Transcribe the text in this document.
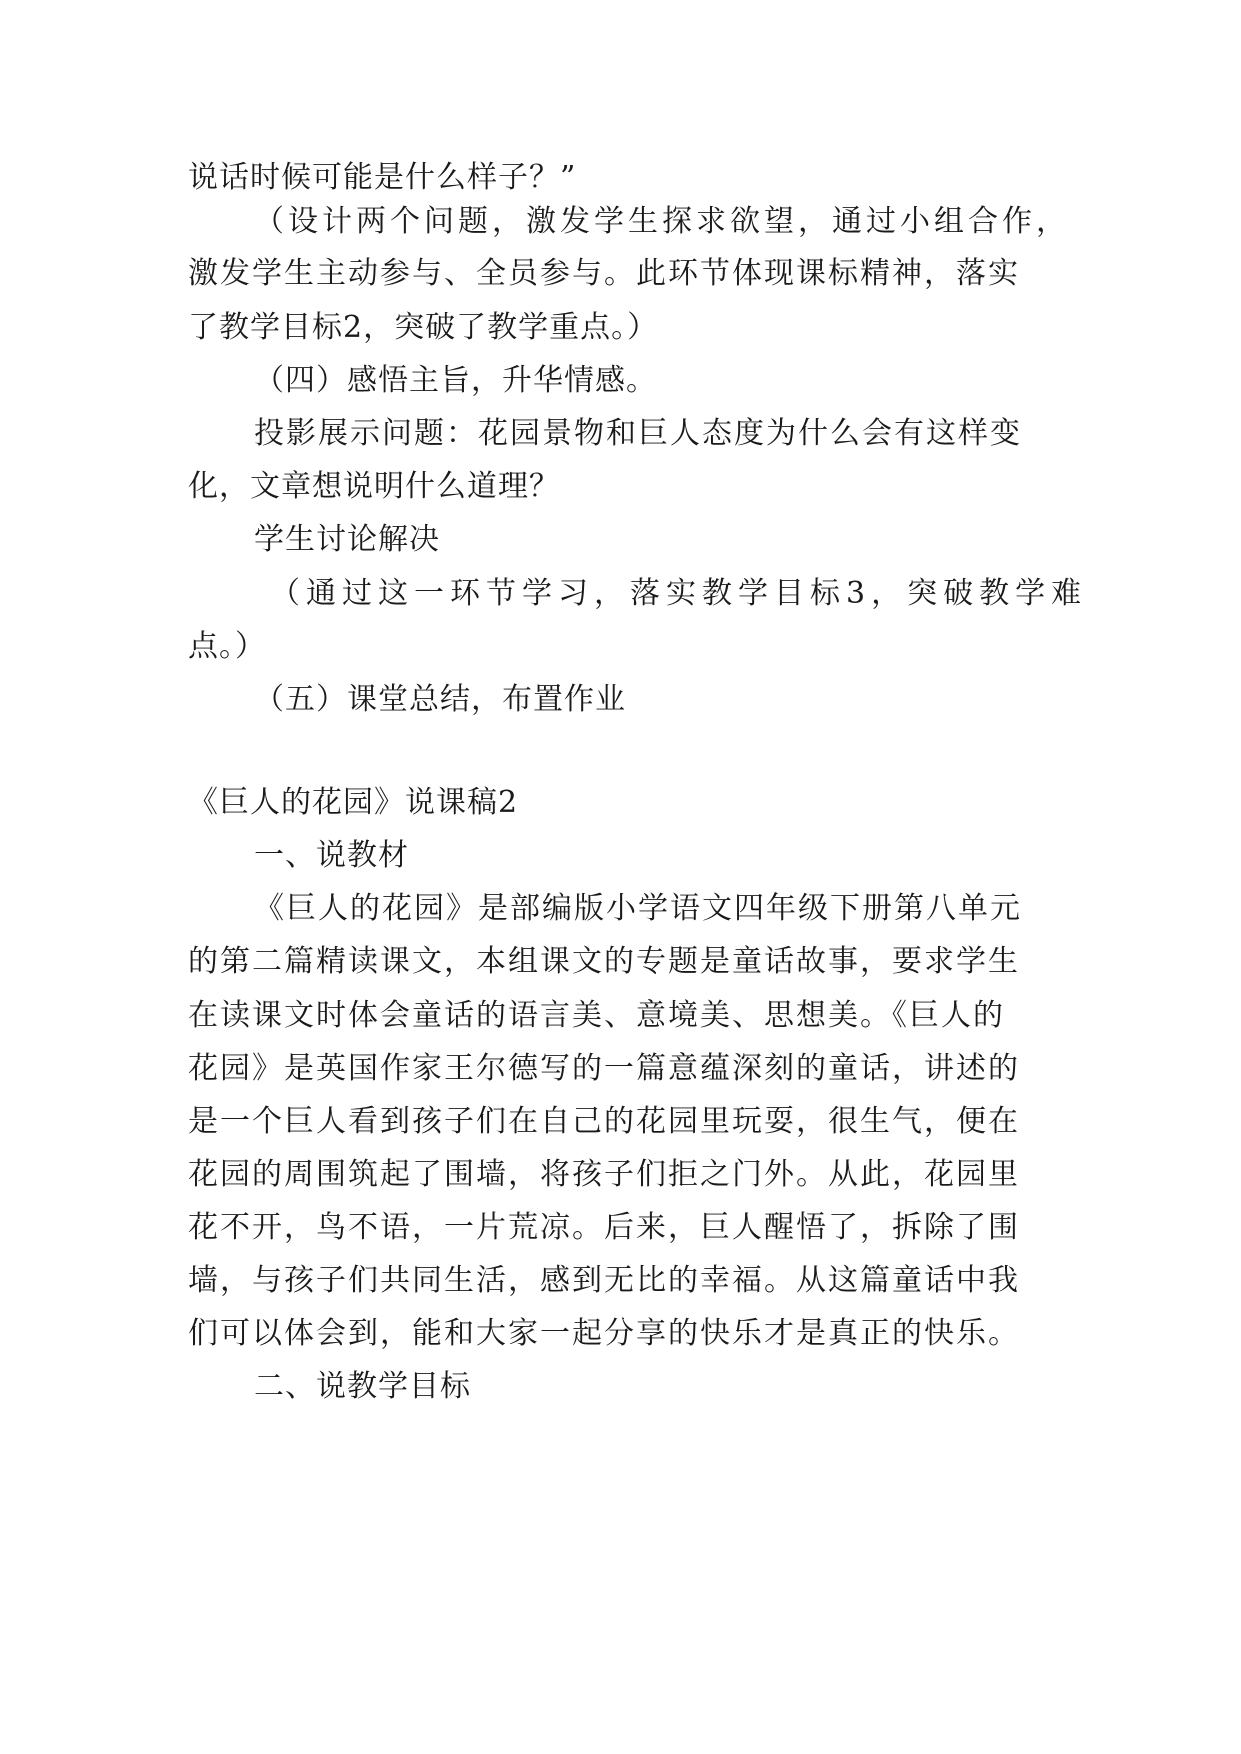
说话时候可能是什么样子？”
（设计两个问题，激发学生探求欲望，通过小组合作，
激发学生主动参与、全员参与。此环节体现课标精神，落实
了教学目标2，突破了教学重点。）
（四）感悟主旨，升华情感。
投影展示问题：花园景物和巨人态度为什么会有这样变
化，文章想说明什么道理？
学生讨论解决
（通过这一环节学习，落实教学目标3，突破教学难
点。）
（五）课堂总结，布置作业
《巨人的花园》说课稿2
一、说教材
《巨人的花园》是部编版小学语文四年级下册第八单元
的第二篇精读课文，本组课文的专题是童话故事，要求学生
在读课文时体会童话的语言美、意境美、思想美。《巨人的
花园》是英国作家王尔德写的一篇意蕴深刻的童话，讲述的
是一个巨人看到孩子们在自己的花园里玩耍，很生气，便在
花园的周围筑起了围墙，将孩子们拒之门外。从此，花园里
花不开，鸟不语，一片荒凉。后来，巨人醒悟了，拆除了围
墙，与孩子们共同生活，感到无比的幸福。从这篇童话中我
们可以体会到，能和大家一起分享的快乐才是真正的快乐。
二、说教学目标
